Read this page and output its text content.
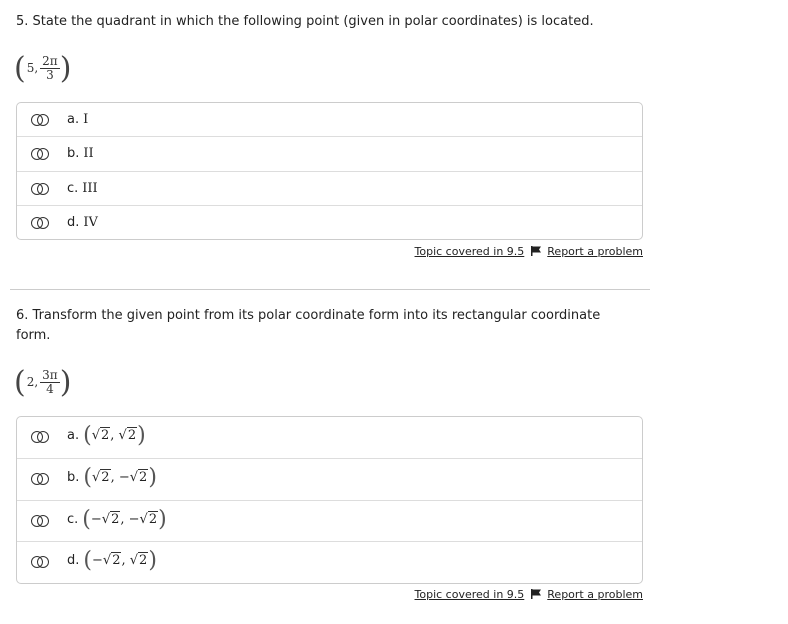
5. State the quadrant in which the following point (given in polar coordinates) is located.
( 5, $\frac{2\pi}{3}$ )
a. I
b. II
c. III
d. IV
Topic covered in 9.5 Report a problem
6. Transform the given point from its polar coordinate form into its rectangular coordinate form.
( 2, $\frac{3\pi}{4}$ )
a. (√2, √2)
b. (√2, −√2)
c. (−√2, −√2)
d. (−√2, √2)
Topic covered in 9.5 Report a problem
